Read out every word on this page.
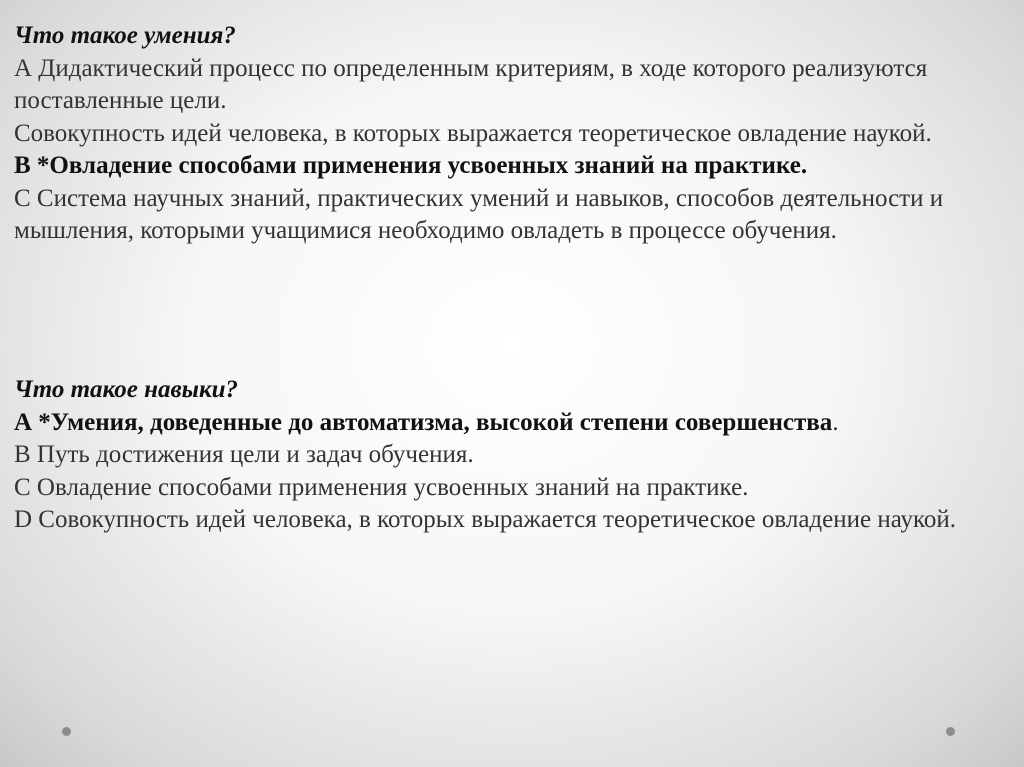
Что такое умения?

А Дидактический процесс по определенным критериям, в ходе которого реализуются поставленные цели.

Совокупность идей человека, в которых выражается теоретическое овладение наукой.

В *Овладение способами применения усвоенных знаний на практике.

С Система научных знаний, практических умений и навыков, способов деятельности и мышления, которыми учащимися необходимо овладеть в процессе обучения.

Что такое навыки?

А *Умения, доведенные до автоматизма, высокой степени совершенства.

В Путь достижения цели и задач обучения.

С Овладение способами применения усвоенных знаний на практике.

D Совокупность идей человека, в которых выражается теоретическое овладение наукой.
